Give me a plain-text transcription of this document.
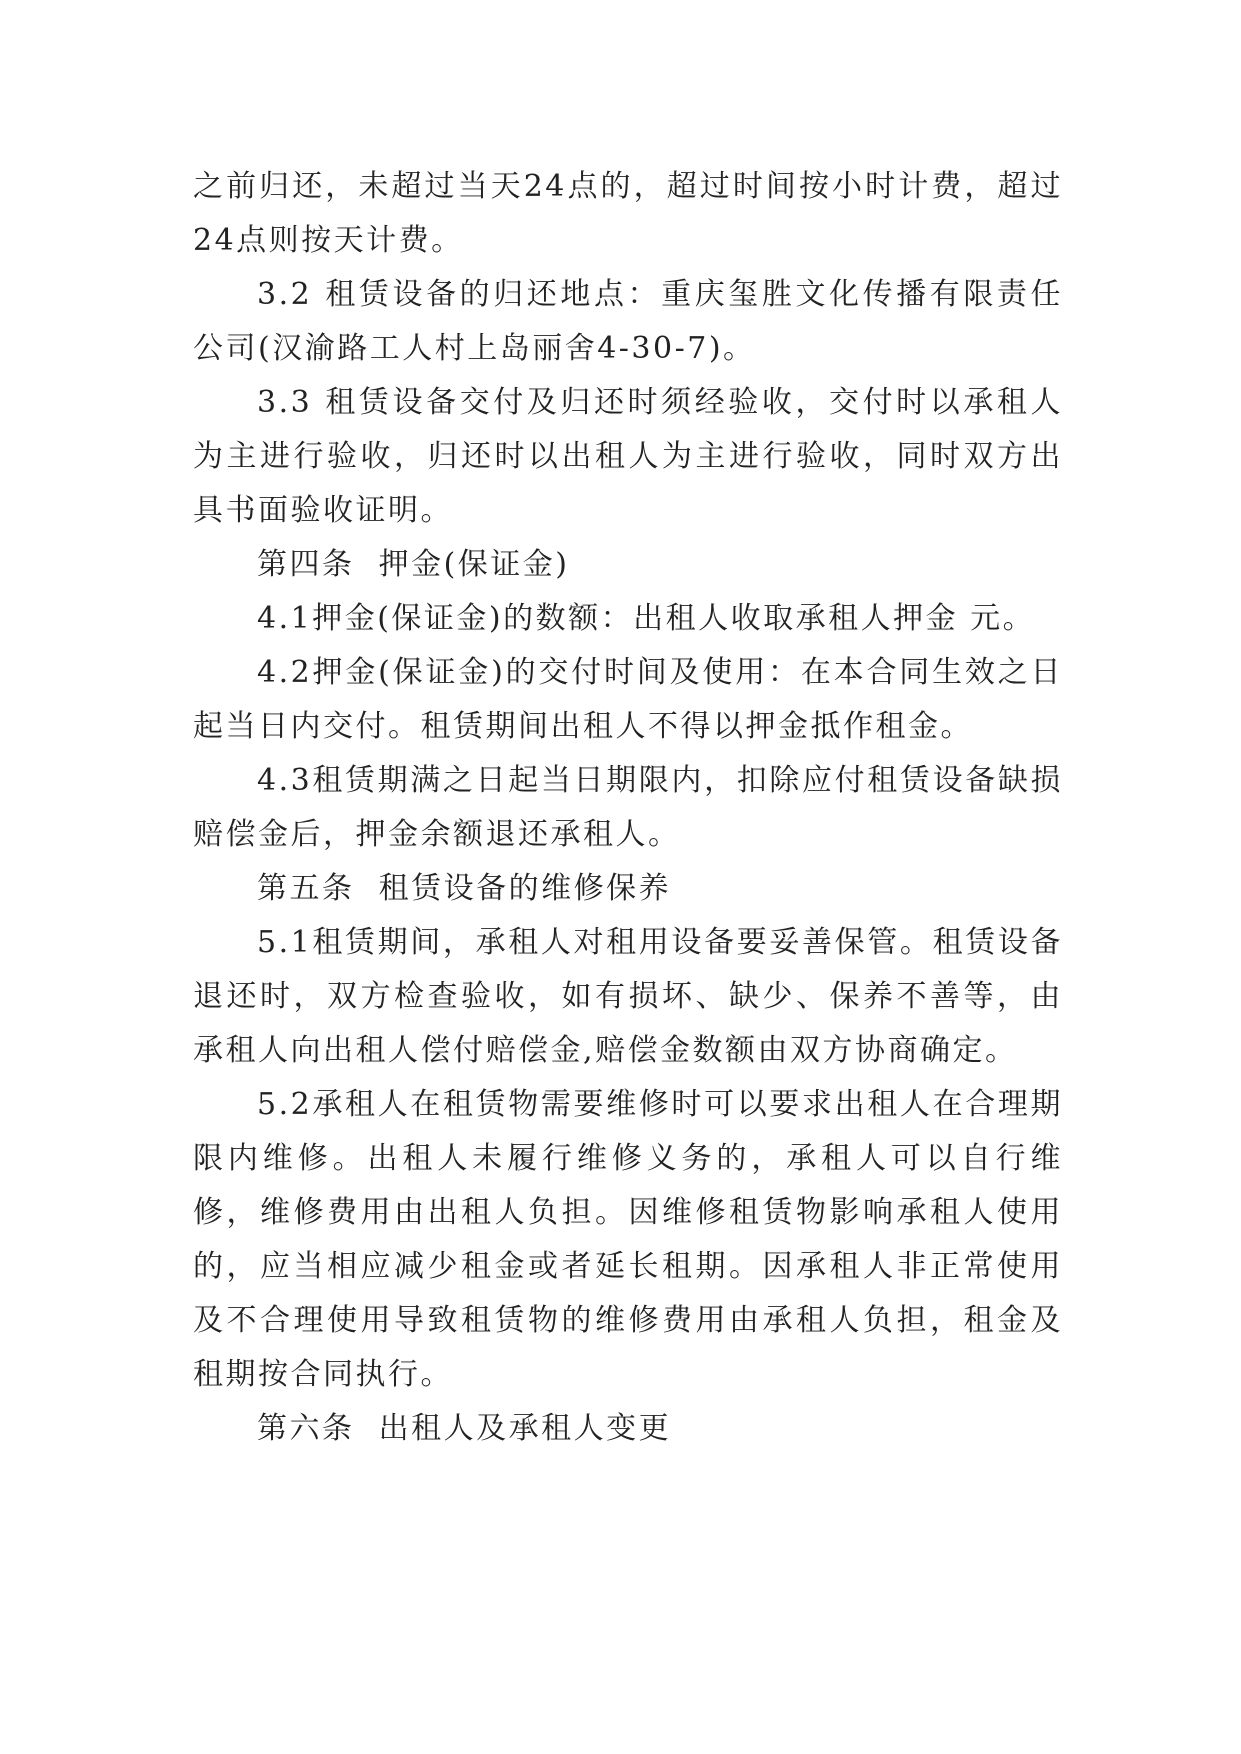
之前归还，未超过当天24点的，超过时间按小时计费，超过24点则按天计费。

3.2 租赁设备的归还地点：重庆玺胜文化传播有限责任公司(汉渝路工人村上岛丽舍4-30-7)。

3.3 租赁设备交付及归还时须经验收，交付时以承租人为主进行验收，归还时以出租人为主进行验收，同时双方出具书面验收证明。

第四条  押金(保证金)

4.1押金(保证金)的数额：出租人收取承租人押金 元。

4.2押金(保证金)的交付时间及使用：在本合同生效之日起当日内交付。租赁期间出租人不得以押金抵作租金。

4.3租赁期满之日起当日期限内，扣除应付租赁设备缺损赔偿金后，押金余额退还承租人。

第五条  租赁设备的维修保养

5.1租赁期间，承租人对租用设备要妥善保管。租赁设备退还时，双方检查验收，如有损坏、缺少、保养不善等，由承租人向出租人偿付赔偿金,赔偿金数额由双方协商确定。

5.2承租人在租赁物需要维修时可以要求出租人在合理期限内维修。出租人未履行维修义务的，承租人可以自行维修，维修费用由出租人负担。因维修租赁物影响承租人使用的，应当相应减少租金或者延长租期。因承租人非正常使用及不合理使用导致租赁物的维修费用由承租人负担，租金及租期按合同执行。

第六条  出租人及承租人变更
